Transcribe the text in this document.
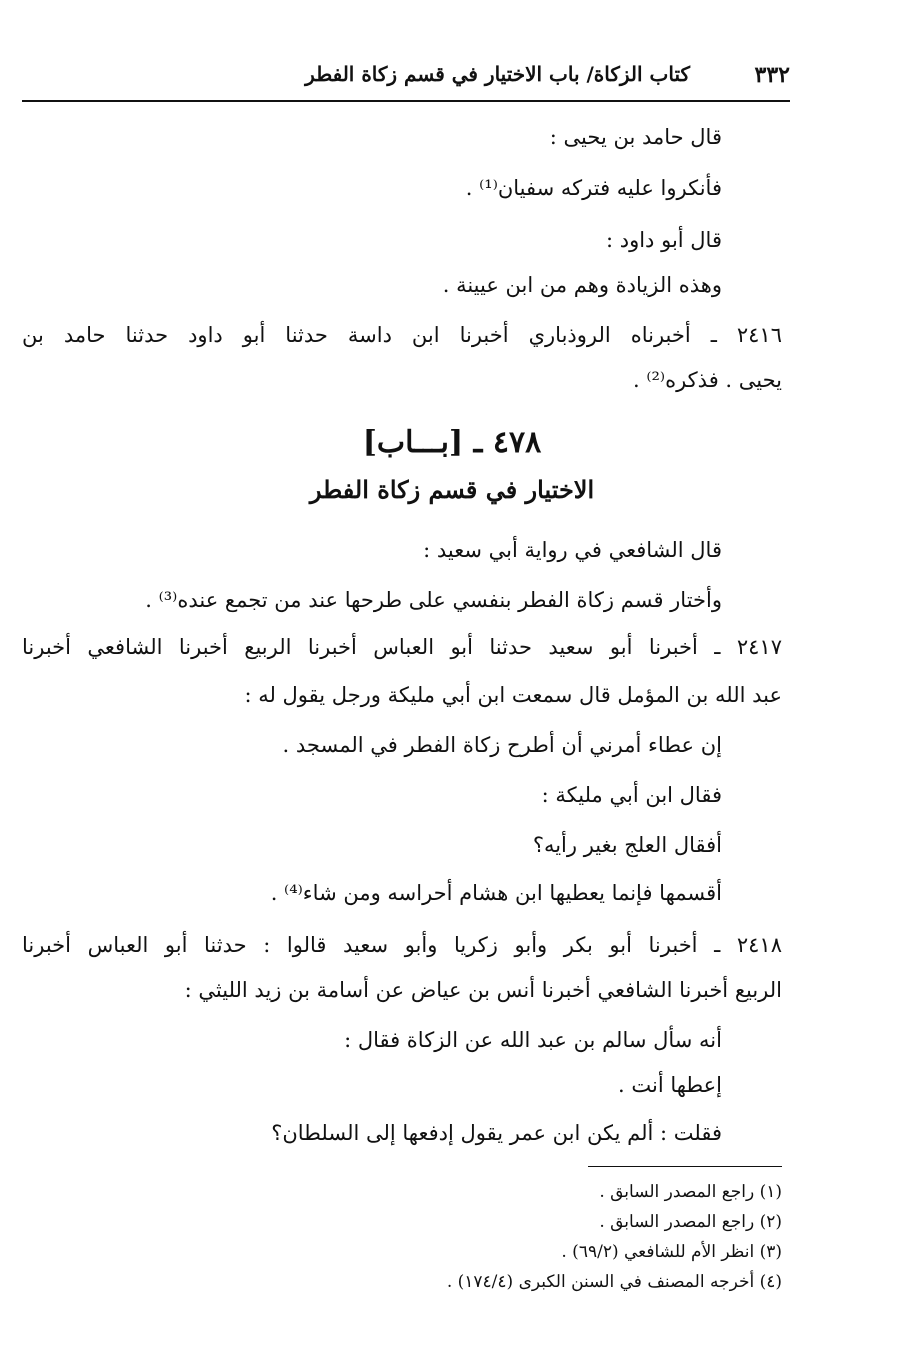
كتاب الزكاة/ باب الاختيار في قسم زكاة الفطر	٣٣٢
قال حامد بن يحيى :
فأنكروا عليه فتركه سفيان⁽¹⁾ .
قال أبو داود :
وهذه الزيادة وهم من ابن عيينة .
٢٤١٦ ـ أخبرناه الروذباري أخبرنا ابن داسة حدثنا أبو داود حدثنا حامد بن
يحيى . فذكره⁽²⁾ .
٤٧٨ ـ [بـــاب]
الاختيار في قسم زكاة الفطر
قال الشافعي في رواية أبي سعيد :
وأختار قسم زكاة الفطر بنفسي على طرحها عند من تجمع عنده⁽³⁾ .
٢٤١٧ ـ أخبرنا أبو سعيد حدثنا أبو العباس أخبرنا الربيع أخبرنا الشافعي أخبرنا
عبد الله بن المؤمل قال سمعت ابن أبي مليكة ورجل يقول له :
إن عطاء أمرني أن أطرح زكاة الفطر في المسجد .
فقال ابن أبي مليكة :
أفقال العلج بغير رأيه؟
أقسمها فإنما يعطيها ابن هشام أحراسه ومن شاء⁽⁴⁾ .
٢٤١٨ ـ أخبرنا أبو بكر وأبو زكريا وأبو سعيد قالوا : حدثنا أبو العباس أخبرنا
الربيع أخبرنا الشافعي أخبرنا أنس بن عياض عن أسامة بن زيد الليثي :
أنه سأل سالم بن عبد الله عن الزكاة فقال :
إعطها أنت .
فقلت : ألم يكن ابن عمر يقول إدفعها إلى السلطان؟
(١) راجع المصدر السابق .
(٢) راجع المصدر السابق .
(٣) انظر الأم للشافعي (٦٩/٢) .
(٤) أخرجه المصنف في السنن الكبرى (١٧٤/٤) .
